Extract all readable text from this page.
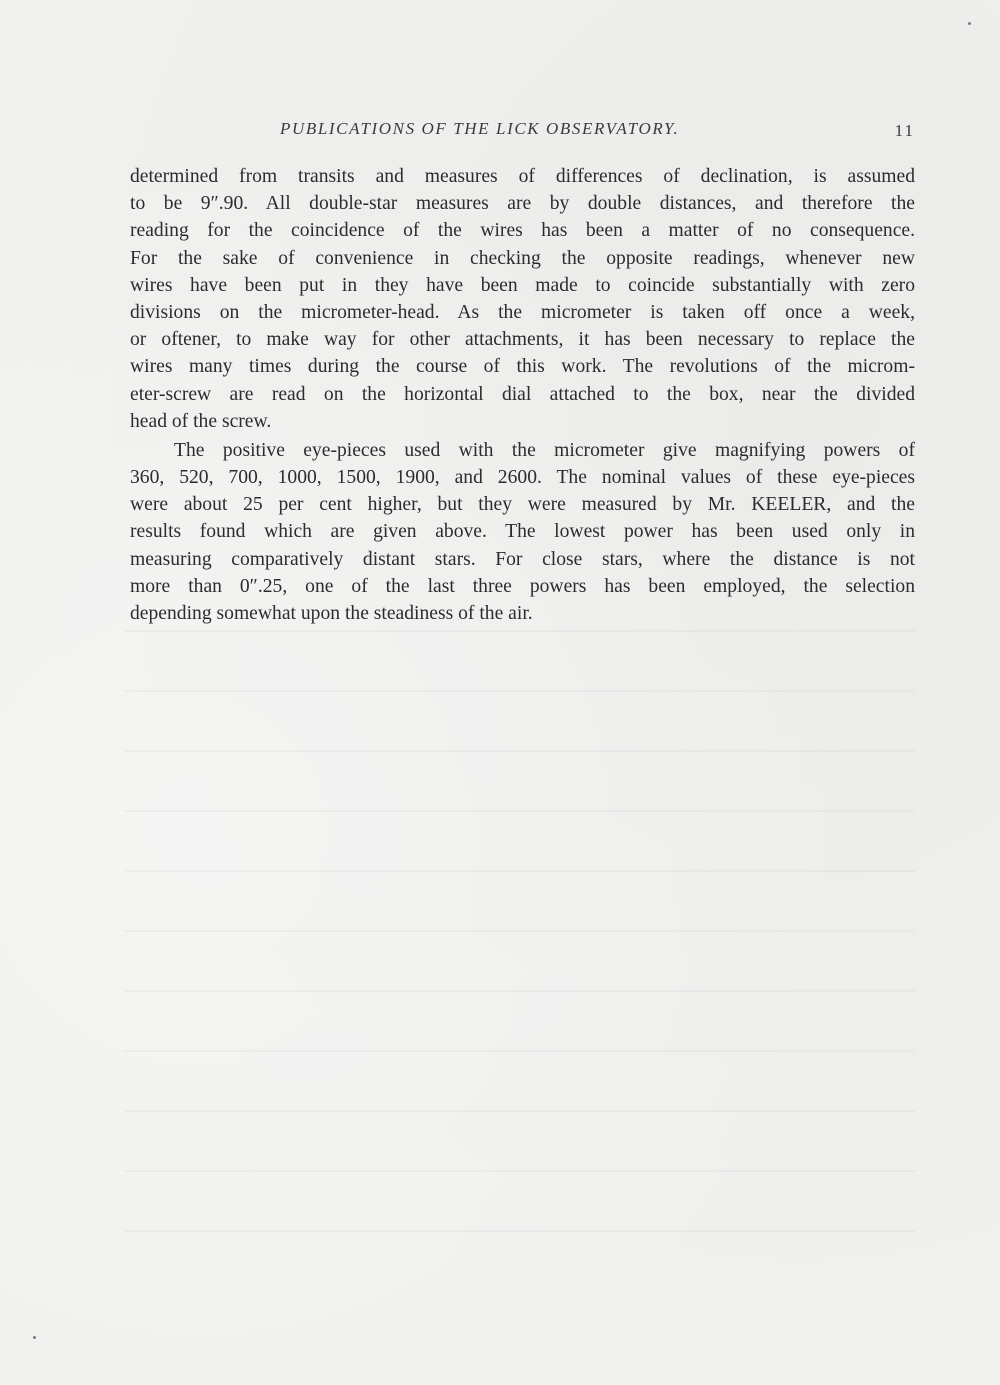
PUBLICATIONS OF THE LICK OBSERVATORY.	11
determined from transits and measures of differences of declination, is assumed
to be 9″.90. All double-star measures are by double distances, and therefore the
reading for the coincidence of the wires has been a matter of no consequence.
For the sake of convenience in checking the opposite readings, whenever new
wires have been put in they have been made to coincide substantially with zero
divisions on the micrometer-head. As the micrometer is taken off once a week,
or oftener, to make way for other attachments, it has been necessary to replace the
wires many times during the course of this work. The revolutions of the microm-
eter-screw are read on the horizontal dial attached to the box, near the divided
head of the screw.
The positive eye-pieces used with the micrometer give magnifying powers of
360, 520, 700, 1000, 1500, 1900, and 2600. The nominal values of these eye-pieces
were about 25 per cent higher, but they were measured by Mr. KEELER, and the
results found which are given above. The lowest power has been used only in
measuring comparatively distant stars. For close stars, where the distance is not
more than 0″.25, one of the last three powers has been employed, the selection
depending somewhat upon the steadiness of the air.
